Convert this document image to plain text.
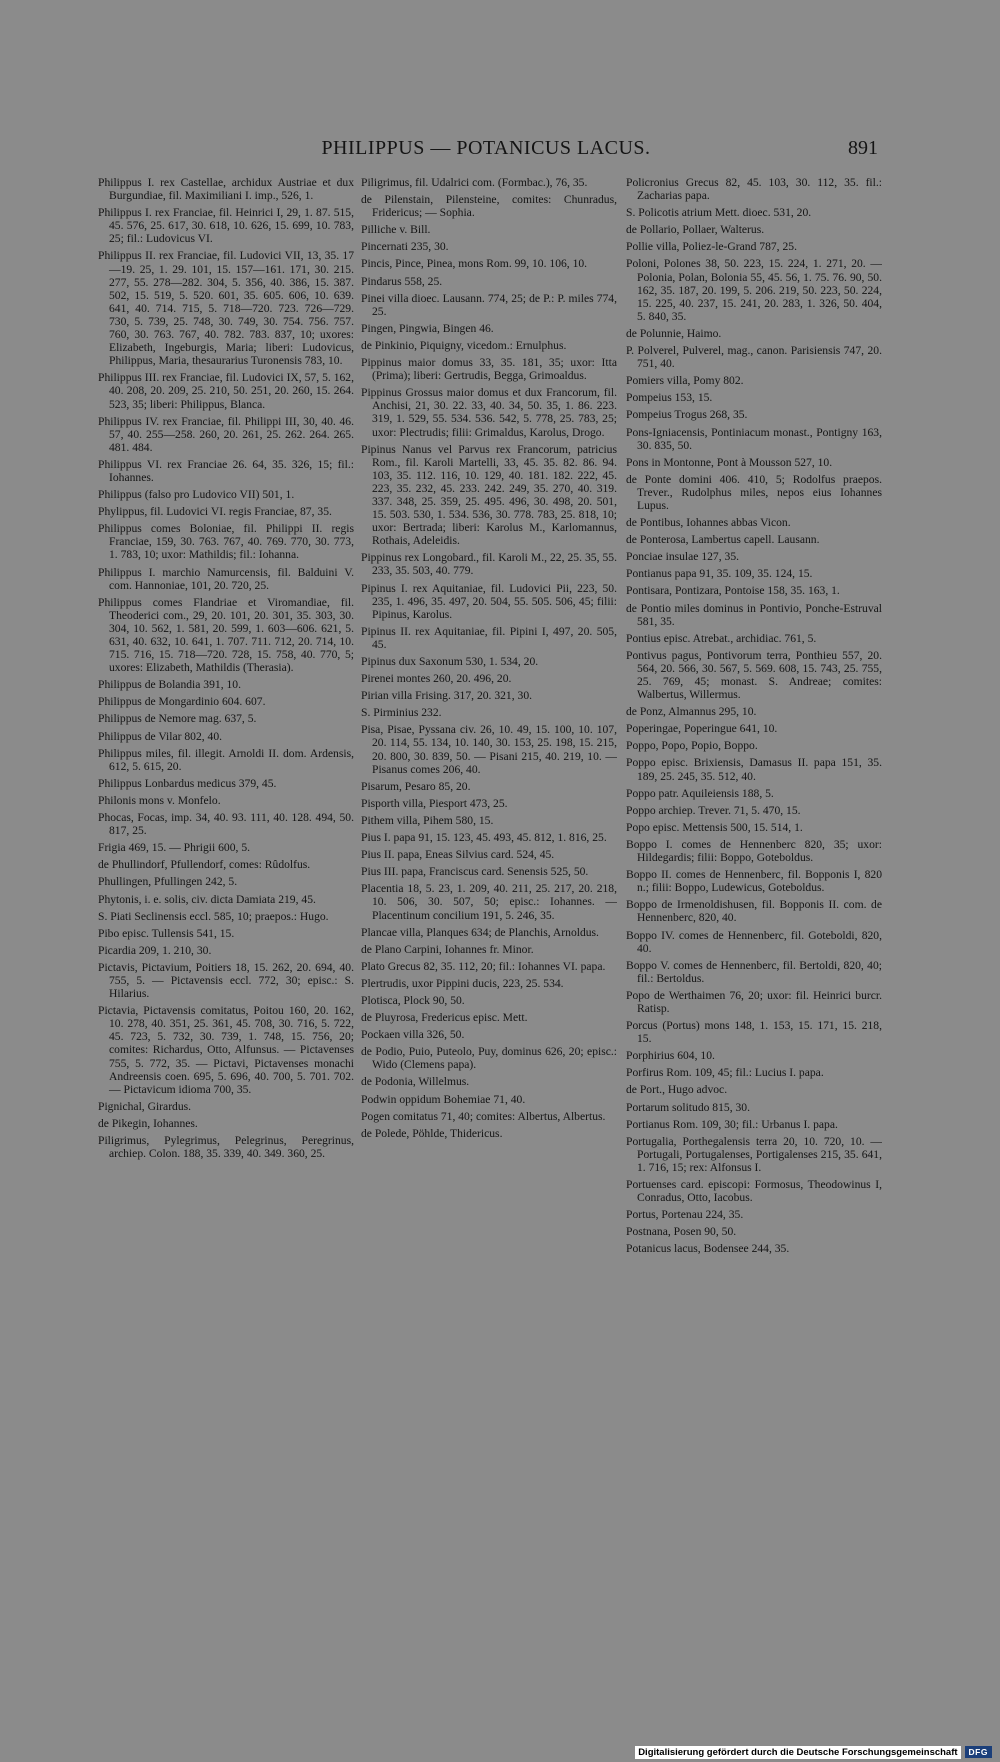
PHILIPPUS — POTANICUS LACUS.	891

Philippus I. rex Castellae, archidux Austriae et dux Burgundiae, fil. Maximiliani I. imp., 526, 1.

Philippus I. rex Franciae, fil. Heinrici I, 29, 1. 87. 515, 45. 576, 25. 617, 30. 618, 10. 626, 15. 699, 10. 783, 25; fil.: Ludovicus VI.

Philippus II. rex Franciae, fil. Ludovici VII, 13, 35. 17—19. 25, 1. 29. 101, 15. 157—161. 171, 30. 215. 277, 55. 278—282. 304, 5. 356, 40. 386, 15. 387. 502, 15. 519, 5. 520. 601, 35. 605. 606, 10. 639. 641, 40. 714. 715, 5. 718—720. 723. 726—729. 730, 5. 739, 25. 748, 30. 749, 30. 754. 756. 757. 760, 30. 763. 767, 40. 782. 783. 837, 10; uxores: Elizabeth, Ingeburgis, Maria; liberi: Ludovicus, Philippus, Maria, thesaurarius Turonensis 783, 10.

Philippus III. rex Franciae, fil. Ludovici IX, 57, 5. 162, 40. 208, 20. 209, 25. 210, 50. 251, 20. 260, 15. 264. 523, 35; liberi: Philippus, Blanca.

Philippus IV. rex Franciae, fil. Philippi III, 30, 40. 46. 57, 40. 255—258. 260, 20. 261, 25. 262. 264. 265. 481. 484.

Philippus VI. rex Franciae 26. 64, 35. 326, 15; fil.: Iohannes.

Philippus (falso pro Ludovico VII) 501, 1.

Phylippus, fil. Ludovici VI. regis Franciae, 87, 35.

Philippus comes Boloniae, fil. Philippi II. regis Franciae, 159, 30. 763. 767, 40. 769. 770, 30. 773, 1. 783, 10; uxor: Mathildis; fil.: Iohanna.

Philippus I. marchio Namurcensis, fil. Balduini V. com. Hannoniae, 101, 20. 720, 25.

Philippus comes Flandriae et Viromandiae, fil. Theoderici com., 29, 20. 101, 20. 301, 35. 303, 30. 304, 10. 562, 1. 581, 20. 599, 1. 603—606. 621, 5. 631, 40. 632, 10. 641, 1. 707. 711. 712, 20. 714, 10. 715. 716, 15. 718—720. 728, 15. 758, 40. 770, 5; uxores: Elizabeth, Mathildis (Therasia).

Philippus de Bolandia 391, 10.

Philippus de Mongardinio 604. 607.

Philippus de Nemore mag. 637, 5.

Philippus de Vilar 802, 40.

Philippus miles, fil. illegit. Arnoldi II. dom. Ardensis, 612, 5. 615, 20.

Philippus Lonbardus medicus 379, 45.

Philonis mons v. Monfelo.

Phocas, Focas, imp. 34, 40. 93. 111, 40. 128. 494, 50. 817, 25.

Frigia 469, 15. — Phrigii 600, 5.

de Phullindorf, Pfullendorf, comes: Rûdolfus.

Phullingen, Pfullingen 242, 5.

Phytonis, i. e. solis, civ. dicta Damiata 219, 45.

S. Piati Seclinensis eccl. 585, 10; praepos.: Hugo.

Pibo episc. Tullensis 541, 15.

Picardia 209, 1. 210, 30.

Pictavis, Pictavium, Poitiers 18, 15. 262, 20. 694, 40. 755, 5. — Pictavensis eccl. 772, 30; episc.: S. Hilarius.

Pictavia, Pictavensis comitatus, Poitou 160, 20. 162, 10. 278, 40. 351, 25. 361, 45. 708, 30. 716, 5. 722, 45. 723, 5. 732, 30. 739, 1. 748, 15. 756, 20; comites: Richardus, Otto, Alfunsus. — Pictavenses 755, 5. 772, 35. — Pictavi, Pictavenses monachi Andreensis coen. 695, 5. 696, 40. 700, 5. 701. 702. — Pictavicum idioma 700, 35.

Pignichal, Girardus.

de Pikegin, Iohannes.

Piligrimus, Pylegrimus, Pelegrinus, Peregrinus, archiep. Colon. 188, 35. 339, 40. 349. 360, 25.

Piligrimus, fil. Udalrici com. (Formbac.), 76, 35.

de Pilenstain, Pilensteine, comites: Chunradus, Fridericus; — Sophia.

Pilliche v. Bill.

Pincernati 235, 30.

Pincis, Pince, Pinea, mons Rom. 99, 10. 106, 10.

Pindarus 558, 25.

Pinei villa dioec. Lausann. 774, 25; de P.: P. miles 774, 25.

Pingen, Pingwia, Bingen 46.

de Pinkinio, Piquigny, vicedom.: Ernulphus.

Pippinus maior domus 33, 35. 181, 35; uxor: Itta (Prima); liberi: Gertrudis, Begga, Grimoaldus.

Pippinus Grossus maior domus et dux Francorum, fil. Anchisi, 21, 30. 22. 33, 40. 34, 50. 35, 1. 86. 223. 319, 1. 529, 55. 534. 536. 542, 5. 778, 25. 783, 25; uxor: Plectrudis; filii: Grimaldus, Karolus, Drogo.

Pipinus Nanus vel Parvus rex Francorum, patricius Rom., fil. Karoli Martelli, 33, 45. 35. 82. 86. 94. 103, 35. 112. 116, 10. 129, 40. 181. 182. 222, 45. 223, 35. 232, 45. 233. 242. 249, 35. 270, 40. 319. 337. 348, 25. 359, 25. 495. 496, 30. 498, 20. 501, 15. 503. 530, 1. 534. 536, 30. 778. 783, 25. 818, 10; uxor: Bertrada; liberi: Karolus M., Karlomannus, Rothais, Adeleidis.

Pippinus rex Longobard., fil. Karoli M., 22, 25. 35, 55. 233, 35. 503, 40. 779.

Pipinus I. rex Aquitaniae, fil. Ludovici Pii, 223, 50. 235, 1. 496, 35. 497, 20. 504, 55. 505. 506, 45; filii: Pipinus, Karolus.

Pipinus II. rex Aquitaniae, fil. Pipini I, 497, 20. 505, 45.

Pipinus dux Saxonum 530, 1. 534, 20.

Pirenei montes 260, 20. 496, 20.

Pirian villa Frising. 317, 20. 321, 30.

S. Pirminius 232.

Pisa, Pisae, Pyssana civ. 26, 10. 49, 15. 100, 10. 107, 20. 114, 55. 134, 10. 140, 30. 153, 25. 198, 15. 215, 20. 800, 30. 839, 50. — Pisani 215, 40. 219, 10. — Pisanus comes 206, 40.

Pisarum, Pesaro 85, 20.

Pisporth villa, Piesport 473, 25.

Pithem villa, Pihem 580, 15.

Pius I. papa 91, 15. 123, 45. 493, 45. 812, 1. 816, 25.

Pius II. papa, Eneas Silvius card. 524, 45.

Pius III. papa, Franciscus card. Senensis 525, 50.

Placentia 18, 5. 23, 1. 209, 40. 211, 25. 217, 20. 218, 10. 506, 30. 507, 50; episc.: Iohannes. — Placentinum concilium 191, 5. 246, 35.

Plancae villa, Planques 634; de Planchis, Arnoldus.

de Plano Carpini, Iohannes fr. Minor.

Plato Grecus 82, 35. 112, 20; fil.: Iohannes VI. papa.

Plertrudis, uxor Pippini ducis, 223, 25. 534.

Plotisca, Plock 90, 50.

de Pluyrosa, Fredericus episc. Mett.

Pockaen villa 326, 50.

de Podio, Puio, Puteolo, Puy, dominus 626, 20; episc.: Wido (Clemens papa).

de Podonia, Willelmus.

Podwin oppidum Bohemiae 71, 40.

Pogen comitatus 71, 40; comites: Albertus, Albertus.

de Polede, Pöhlde, Thidericus.

Policronius Grecus 82, 45. 103, 30. 112, 35. fil.: Zacharias papa.

S. Policotis atrium Mett. dioec. 531, 20.

de Pollario, Pollaer, Walterus.

Pollie villa, Poliez-le-Grand 787, 25.

Poloni, Polones 38, 50. 223, 15. 224, 1. 271, 20. — Polonia, Polan, Bolonia 55, 45. 56, 1. 75. 76. 90, 50. 162, 35. 187, 20. 199, 5. 206. 219, 50. 223, 50. 224, 15. 225, 40. 237, 15. 241, 20. 283, 1. 326, 50. 404, 5. 840, 35.

de Polunnie, Haimo.

P. Polverel, Pulverel, mag., canon. Parisiensis 747, 20. 751, 40.

Pomiers villa, Pomy 802.

Pompeius 153, 15.

Pompeius Trogus 268, 35.

Pons-Igniacensis, Pontiniacum monast., Pontigny 163, 30. 835, 50.

Pons in Montonne, Pont à Mousson 527, 10.

de Ponte domini 406. 410, 5; Rodolfus praepos. Trever., Rudolphus miles, nepos eius Iohannes Lupus.

de Pontibus, Iohannes abbas Vicon.

de Ponterosa, Lambertus capell. Lausann.

Ponciae insulae 127, 35.

Pontianus papa 91, 35. 109, 35. 124, 15.

Pontisara, Pontizara, Pontoise 158, 35. 163, 1.

de Pontio miles dominus in Pontivio, Ponche-Estruval 581, 35.

Pontius episc. Atrebat., archidiac. 761, 5.

Pontivus pagus, Pontivorum terra, Ponthieu 557, 20. 564, 20. 566, 30. 567, 5. 569. 608, 15. 743, 25. 755, 25. 769, 45; monast. S. Andreae; comites: Walbertus, Willermus.

de Ponz, Almannus 295, 10.

Poperingae, Poperingue 641, 10.

Poppo, Popo, Popio, Boppo.

Poppo episc. Brixiensis, Damasus II. papa 151, 35. 189, 25. 245, 35. 512, 40.

Poppo patr. Aquileiensis 188, 5.

Poppo archiep. Trever. 71, 5. 470, 15.

Popo episc. Mettensis 500, 15. 514, 1.

Boppo I. comes de Hennenberc 820, 35; uxor: Hildegardis; filii: Boppo, Goteboldus.

Boppo II. comes de Hennenberc, fil. Bopponis I, 820 n.; filii: Boppo, Ludewicus, Goteboldus.

Boppo de Irmenoldishusen, fil. Bopponis II. com. de Hennenberc, 820, 40.

Boppo IV. comes de Hennenberc, fil. Goteboldi, 820, 40.

Boppo V. comes de Hennenberc, fil. Bertoldi, 820, 40; fil.: Bertoldus.

Popo de Werthaimen 76, 20; uxor: fil. Heinrici burcr. Ratisp.

Porcus (Portus) mons 148, 1. 153, 15. 171, 15. 218, 15.

Porphirius 604, 10.

Porfirus Rom. 109, 45; fil.: Lucius I. papa.

de Port., Hugo advoc.

Portarum solitudo 815, 30.

Portianus Rom. 109, 30; fil.: Urbanus I. papa.

Portugalia, Porthegalensis terra 20, 10. 720, 10. — Portugali, Portugalenses, Portigalenses 215, 35. 641, 1. 716, 15; rex: Alfonsus I.

Portuenses card. episcopi: Formosus, Theodowinus I, Conradus, Otto, Iacobus.

Portus, Portenau 224, 35.

Postnana, Posen 90, 50.

Potanicus lacus, Bodensee 244, 35.

Digitalisierung gefördert durch die Deutsche Forschungsgemeinschaft	DFG
